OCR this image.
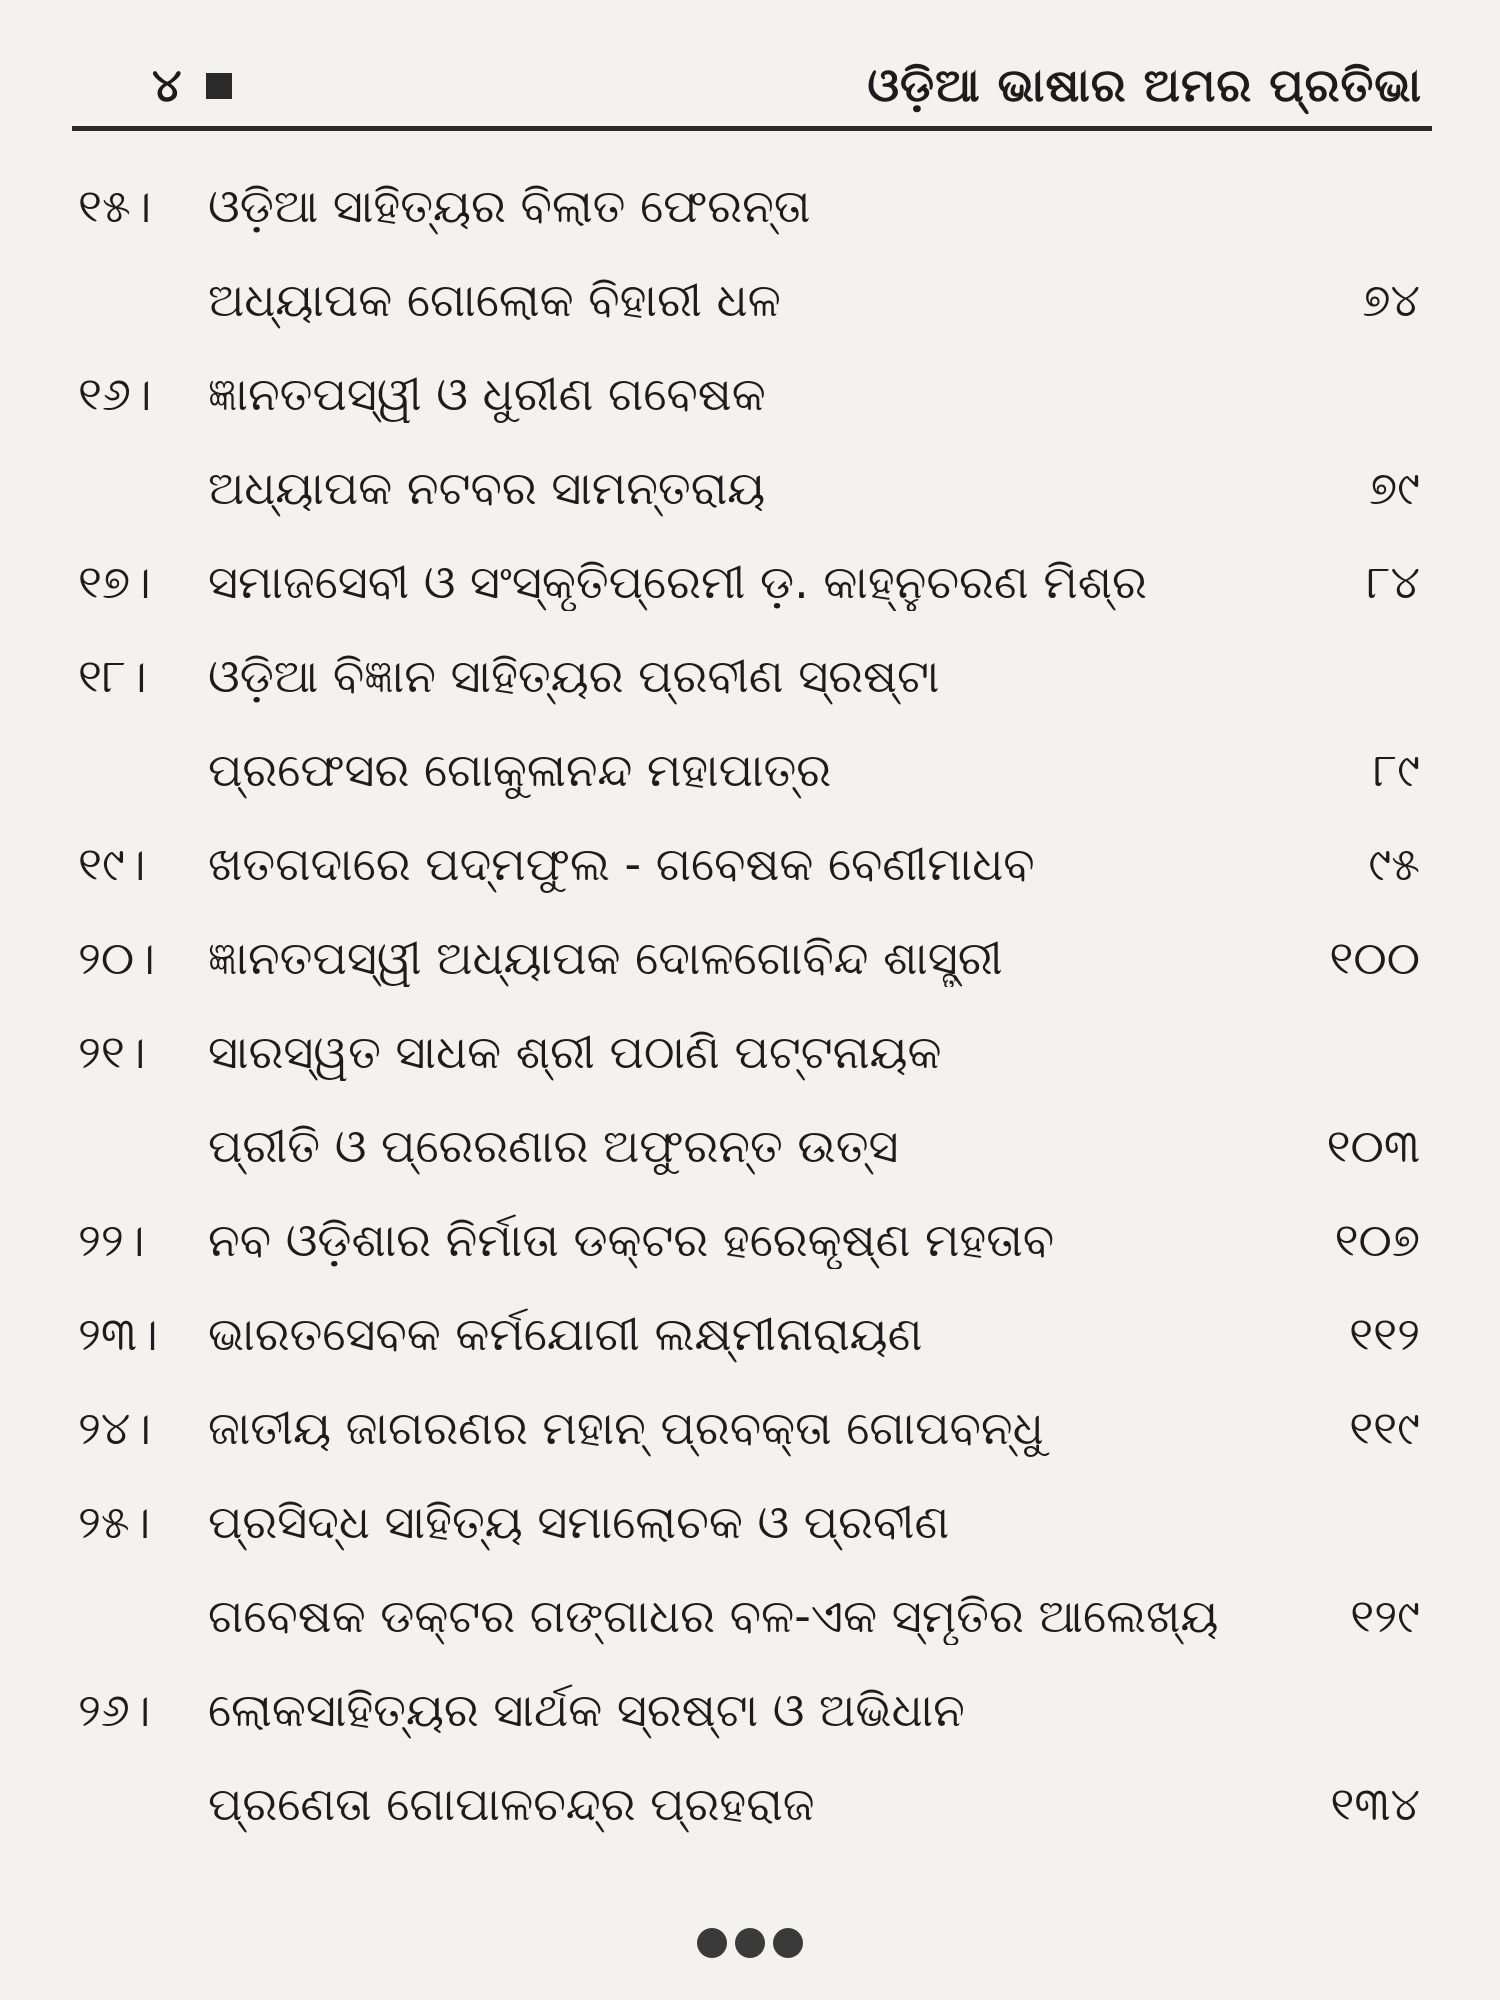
୪	ଓଡ଼ିଆ ଭାଷାର ଅମର ପ୍ରତିଭା
୧୫।	ଓଡ଼ିଆ ସାହିତ୍ୟର ବିଲାତ ଫେରନ୍ତା
ଅଧ୍ୟାପକ ଗୋଲୋକ ବିହାରୀ ଧଳ	୭୪
୧୬।	ଜ୍ଞାନତପସ୍ୱୀ ଓ ଧୁରୀଣ ଗବେଷକ
ଅଧ୍ୟାପକ ନଟବର ସାମନ୍ତରାୟ	୭୯
୧୭।	ସମାଜସେବୀ ଓ ସଂସ୍କୃତିପ୍ରେମୀ ଡ଼. କାହ୍ନୁଚରଣ ମିଶ୍ର	୮୪
୧୮।	ଓଡ଼ିଆ ବିଜ୍ଞାନ ସାହିତ୍ୟର ପ୍ରବୀଣ ସ୍ରଷ୍ଟା
ପ୍ରଫେସର ଗୋକୁଳାନନ୍ଦ ମହାପାତ୍ର	୮୯
୧୯।	ଖତଗଦାରେ ପଦ୍ମଫୁଲ - ଗବେଷକ ବେଣୀମାଧବ	୯୫
୨୦।	ଜ୍ଞାନତପସ୍ୱୀ ଅଧ୍ୟାପକ ଦୋଳଗୋବିନ୍ଦ ଶାସ୍ତ୍ରୀ	୧୦୦
୨୧।	ସାରସ୍ୱତ ସାଧକ ଶ୍ରୀ ପଠାଣି ପଟ୍ଟନାୟକ
ପ୍ରୀତି ଓ ପ୍ରେରଣାର ଅଫୁରନ୍ତ ଉତ୍ସ	୧୦୩
୨୨।	ନବ ଓଡ଼ିଶାର ନିର୍ମାତା ଡକ୍ଟର ହରେକୃଷ୍ଣ ମହତାବ	୧୦୭
୨୩।	ଭାରତସେବକ କର୍ମଯୋଗୀ ଲକ୍ଷ୍ମୀନାରାୟଣ	୧୧୨
୨୪।	ଜାତୀୟ ଜାଗରଣର ମହାନ୍ ପ୍ରବକ୍ତା ଗୋପବନ୍ଧୁ	୧୧୯
୨୫।	ପ୍ରସିଦ୍ଧ ସାହିତ୍ୟ ସମାଲୋଚକ ଓ ପ୍ରବୀଣ
ଗବେଷକ ଡକ୍ଟର ଗଙ୍ଗାଧର ବଳ-ଏକ ସ୍ମୃତିର ଆଲେଖ୍ୟ	୧୨୯
୨୬।	ଲୋକସାହିତ୍ୟର ସାର୍ଥକ ସ୍ରଷ୍ଟା ଓ ଅଭିଧାନ
ପ୍ରଣେତା ଗୋପାଳଚନ୍ଦ୍ର ପ୍ରହରାଜ	୧୩୪
